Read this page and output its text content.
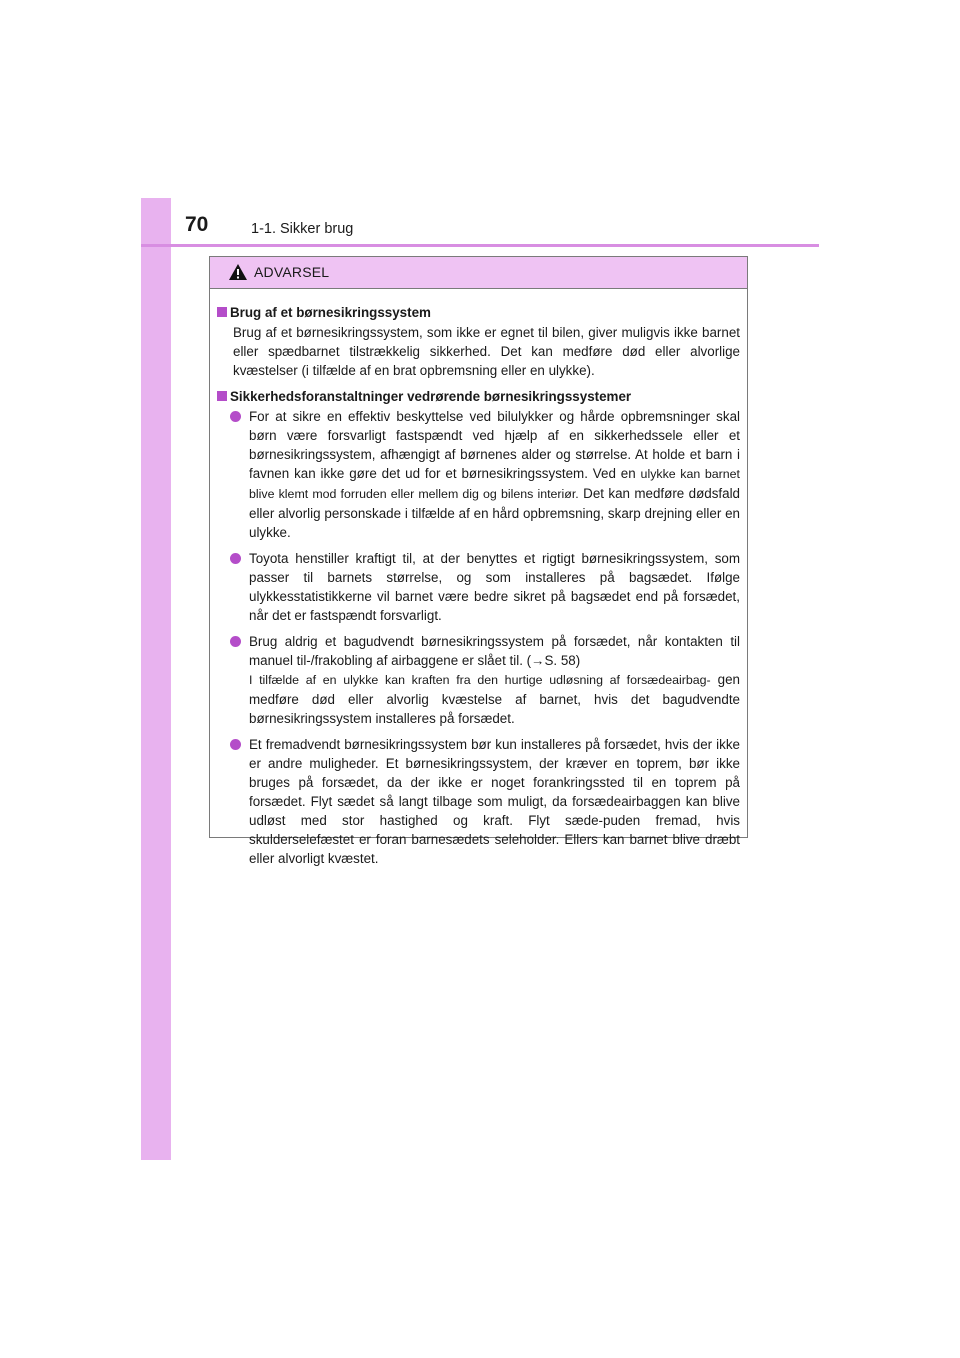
70	1-1. Sikker brug
ADVARSEL
Brug af et børnesikringssystem
Brug af et børnesikringssystem, som ikke er egnet til bilen, giver muligvis ikke barnet eller spædbarnet tilstrækkelig sikkerhed. Det kan medføre død eller alvorlige kvæstelser (i tilfælde af en brat opbremsning eller en ulykke).
Sikkerhedsforanstaltninger vedrørende børnesikringssystemer
For at sikre en effektiv beskyttelse ved bilulykker og hårde opbremsninger skal børn være forsvarligt fastspændt ved hjælp af en sikkerhedssele eller et børnesikringssystem, afhængigt af børnenes alder og størrelse. At holde et barn i favnen kan ikke gøre det ud for et børnesikringssystem. Ved en ulykke kan barnet blive klemt mod forruden eller mellem dig og bilens interiør. Det kan medføre dødsfald eller alvorlig personskade i tilfælde af en hård opbremsning, skarp drejning eller en ulykke.
Toyota henstiller kraftigt til, at der benyttes et rigtigt børnesikringssystem, som passer til barnets størrelse, og som installeres på bagsædet. Ifølge ulykkesstatistikkerne vil barnet være bedre sikret på bagsædet end på forsædet, når det er fastspændt forsvarligt.
Brug aldrig et bagudvendt børnesikringssystem på forsædet, når kontakten til manuel til-/frakobling af airbaggene er slået til. (→S. 58)
I tilfælde af en ulykke kan kraften fra den hurtige udløsning af forsædeairbag- gen medføre død eller alvorlig kvæstelse af barnet, hvis det bagudvendte børnesikringssystem installeres på forsædet.
Et fremadvendt børnesikringssystem bør kun installeres på forsædet, hvis der ikke er andre muligheder. Et børnesikringssystem, der kræver en toprem, bør ikke bruges på forsædet, da der ikke er noget forankringssted til en toprem på forsædet. Flyt sædet så langt tilbage som muligt, da forsædeairbaggen kan blive udløst med stor hastighed og kraft. Flyt sæde-puden fremad, hvis skulderselefæstet er foran barnesædets seleholder. Ellers kan barnet blive dræbt eller alvorligt kvæstet.
